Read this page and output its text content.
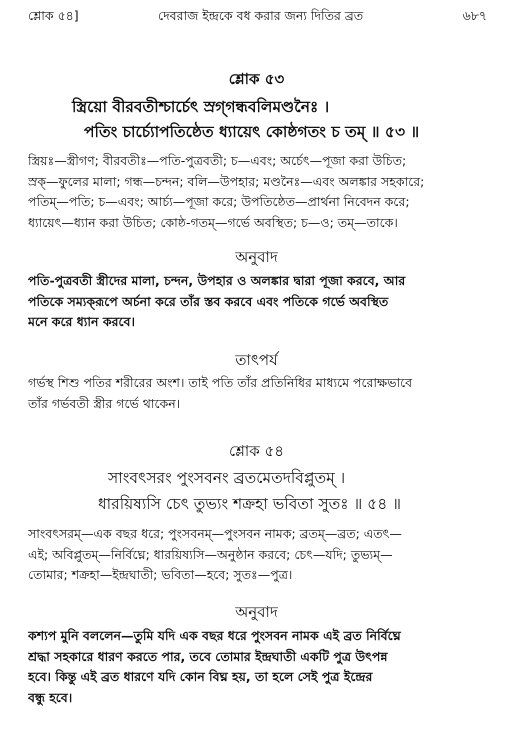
শ্লোক ৫৪]	দেবরাজ ইন্দ্রকে বধ করার জন্য দিতির ব্রত	৬৮৭
শ্লোক ৫৩
স্ত্রিয়ো বীরবতীশ্চার্চেৎ স্রগ্‌গন্ধবলিমণ্ডনৈঃ ।
পতিং চার্চ্যোপতিষ্ঠেত ধ্যায়েৎ কোষ্ঠগতং চ তম্ ॥ ৫৩ ॥
স্ত্রিয়ঃ—স্ত্রীগণ; বীরবতীঃ—পতি-পুত্রবতী; চ—এবং; অর্চেৎ—পূজা করা উচিত;
স্রক্—ফুলের মালা; গন্ধ—চন্দন; বলি—উপহার; মণ্ডনৈঃ—এবং অলঙ্কার সহকারে;
পতিম্—পতি; চ—এবং; আর্চ্য—পূজা করে; উপতিষ্ঠেত—প্রার্থনা নিবেদন করে;
ধ্যায়েৎ—ধ্যান করা উচিত; কোষ্ঠ-গতম্—গর্ভে অবস্থিত; চ—ও; তম্—তাকে।
অনুবাদ
পতি-পুত্রবতী স্ত্রীদের মালা, চন্দন, উপহার ও অলঙ্কার দ্বারা পূজা করবে, আর
পতিকে সম্যক্‌রূপে অর্চনা করে তাঁর স্তব করবে এবং পতিকে গর্ভে অবস্থিত
মনে করে ধ্যান করবে।
তাৎপর্য
গর্ভস্থ শিশু পতির শরীরের অংশ। তাই পতি তাঁর প্রতিনিধির মাধ্যমে পরোক্ষভাবে
তাঁর গর্ভবতী স্ত্রীর গর্ভে থাকেন।
শ্লোক ৫৪
সাংবৎসরং পুংসবনং ব্রতমেতদবিপ্লুতম্ ।
ধারয়িষ্যসি চেৎ তুভ্যং শক্রহা ভবিতা সুতঃ ॥ ৫৪ ॥
সাংবৎসরম্—এক বছর ধরে; পুংসবনম্—পুংসবন নামক; ব্রতম্—ব্রত; এতৎ—
এই; অবিপ্লুতম্—নির্বিঘ্নে; ধারয়িষ্যসি—অনুষ্ঠান করবে; চেৎ—যদি; তুভ্যম্—
তোমার; শক্রহা—ইন্দ্রঘাতী; ভবিতা—হবে; সুতঃ—পুত্র।
অনুবাদ
কশ্যপ মুনি বললেন—তুমি যদি এক বছর ধরে পুংসবন নামক এই ব্রত নির্বিঘ্নে
শ্রদ্ধা সহকারে ধারণ করতে পার, তবে তোমার ইন্দ্রঘাতী একটি পুত্র উৎপন্ন
হবে। কিন্তু এই ব্রত ধারণে যদি কোন বিঘ্ন হয়, তা হলে সেই পুত্র ইন্দ্রের
বন্ধু হবে।
